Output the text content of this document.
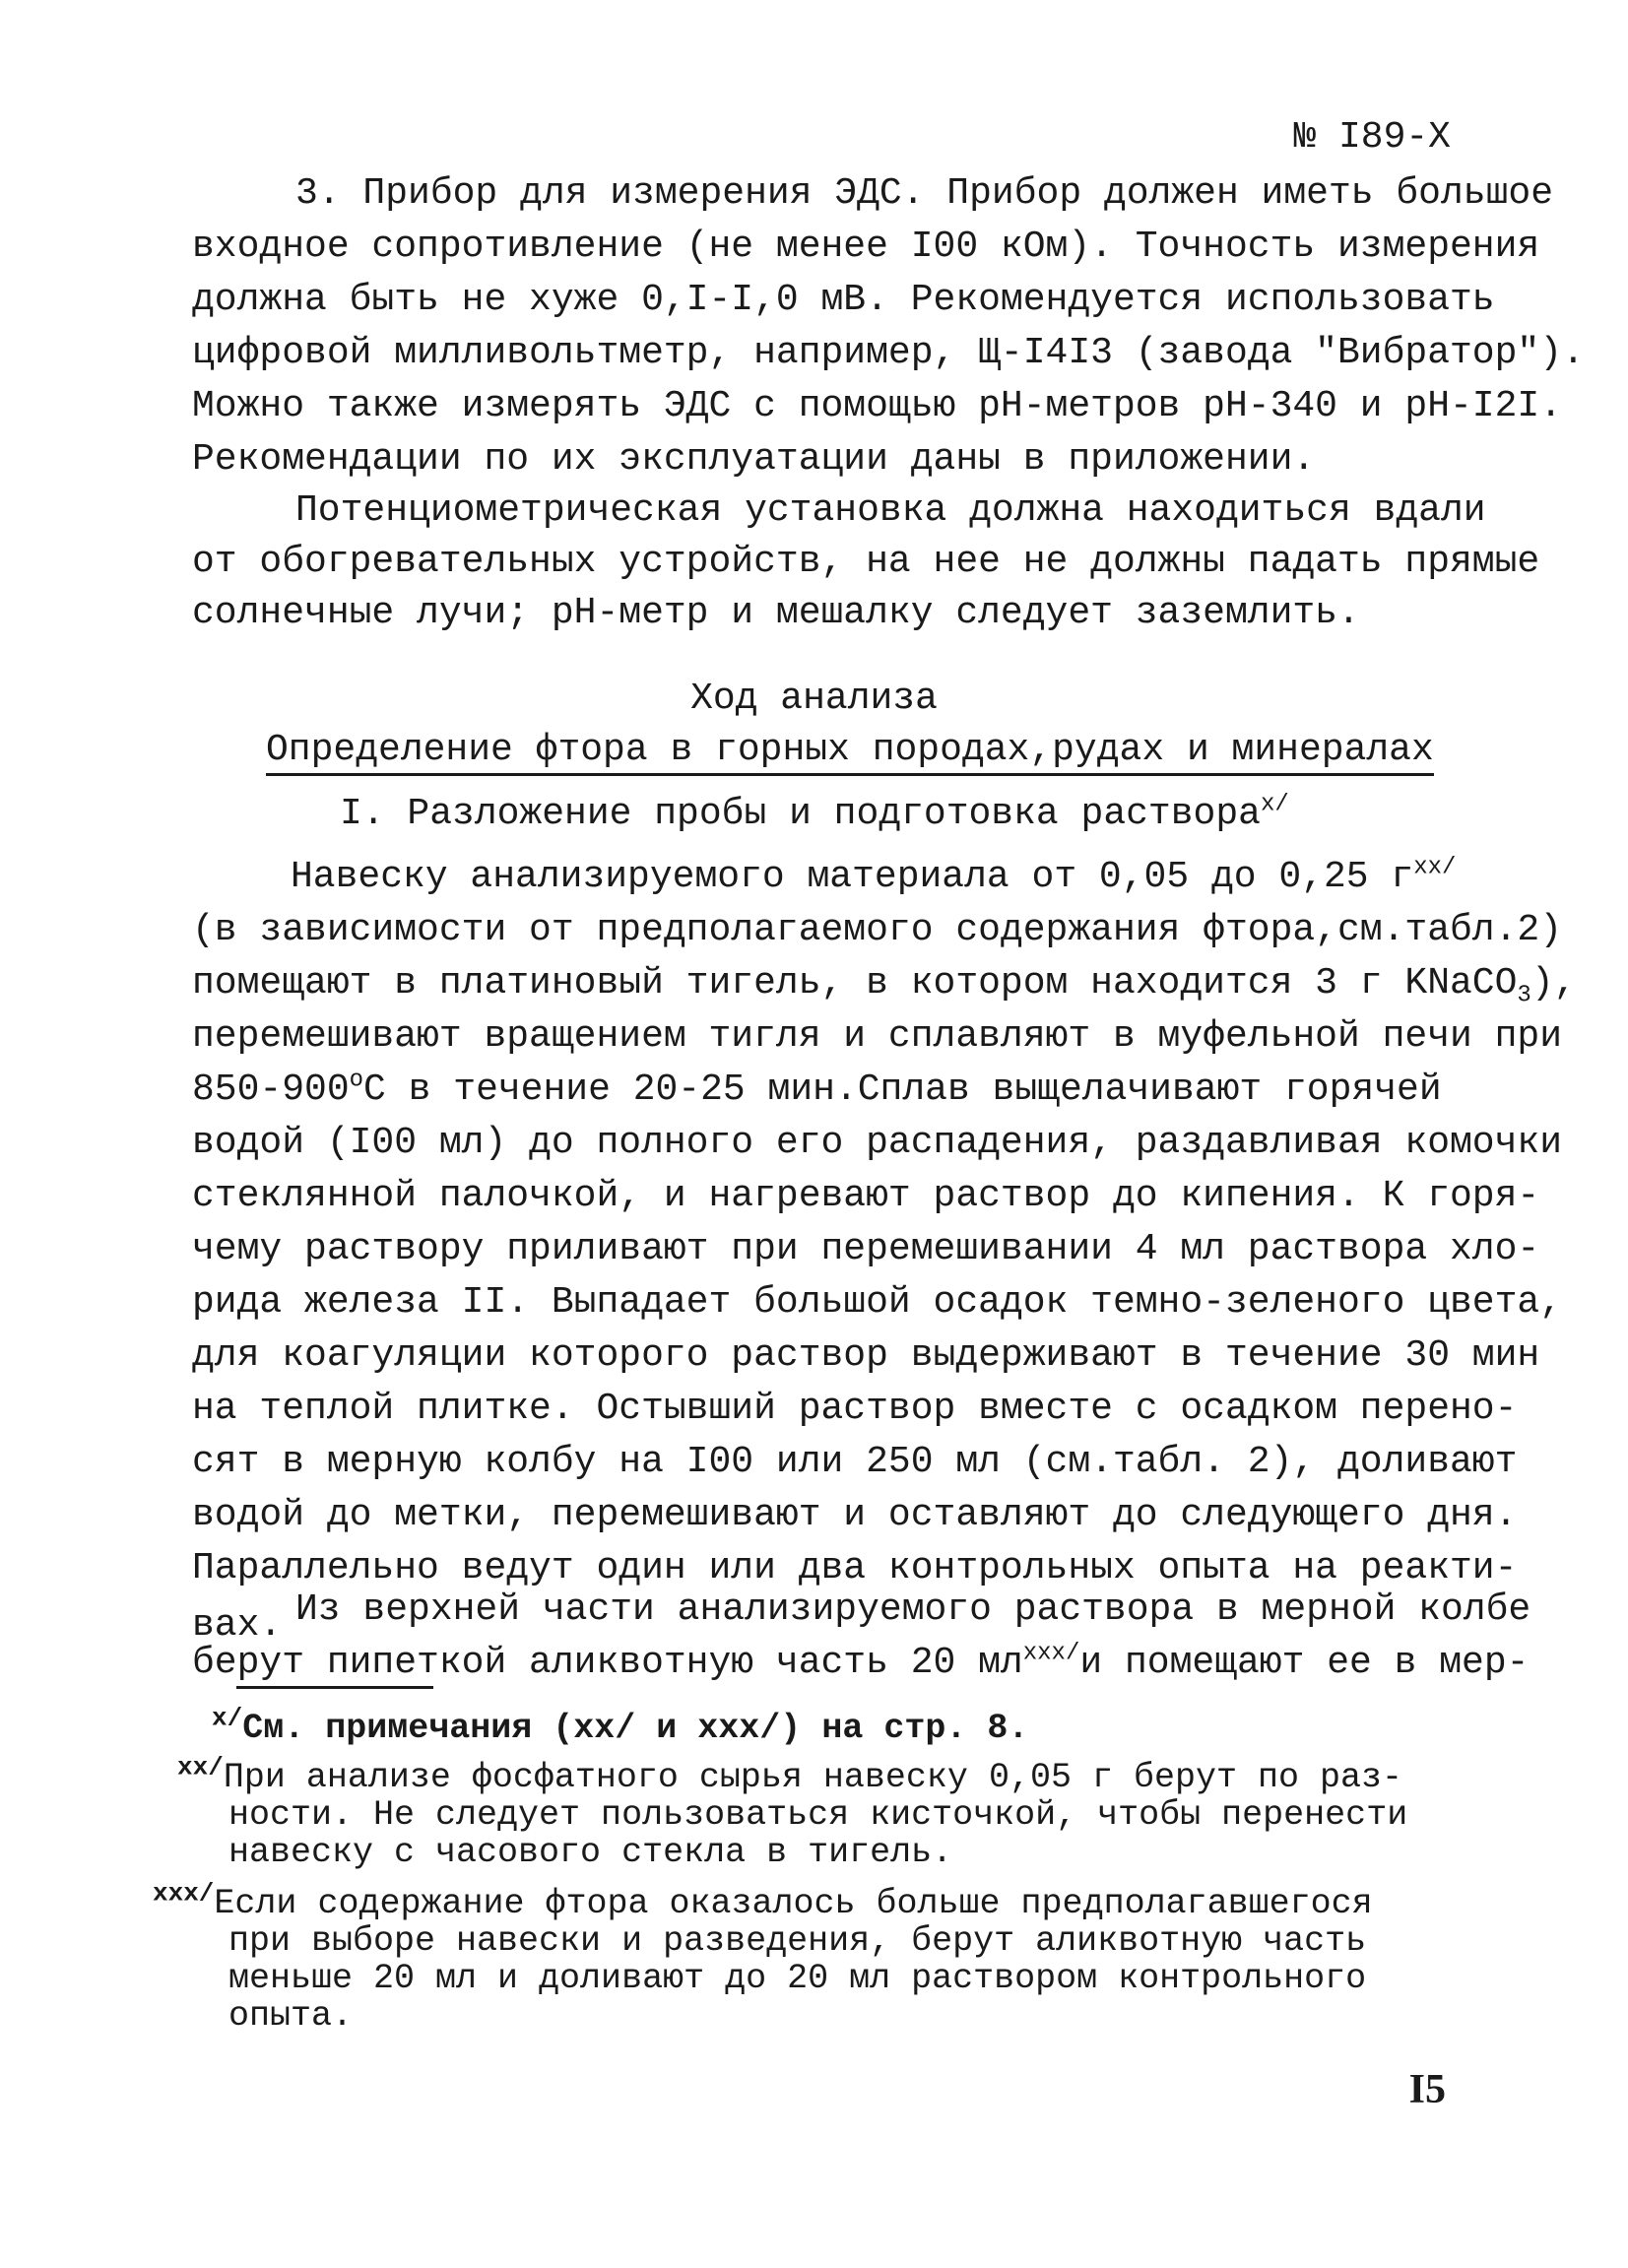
№ I89-X
3. Прибор для измерения ЭДС. Прибор должен иметь большое
входное сопротивление (не менее I00 кОм). Точность измерения
должна быть не хуже 0,I-I,0 мВ. Рекомендуется использовать
цифровой милливольтметр, например, Щ-I4I3 (завода "Вибратор").
Можно также измерять ЭДС с помощью рН-метров рН-340 и рН-I2I.
Рекомендации по их эксплуатации даны в приложении.
Потенциометрическая установка должна находиться вдали
от обогревательных устройств, на нее не должны падать прямые
солнечные лучи; рН-метр и мешалку следует заземлить.
Ход анализа
Определение фтора в горных породах,рудах и минералах
I. Разложение пробы и подготовка раствора$^{x/}$
Навеску анализируемого материала от 0,05 до 0,25 $г^{xx/}$
(в зависимости от предполагаемого содержания фтора,см.табл.2)
помещают в платиновый тигель, в котором находится 3 г KNaCO$_3$),
перемешивают вращением тигля и сплавляют в муфельной печи при
$850-900^оС$ в течение 20-25 мин.Сплав выщелачивают горячей
водой (I00 мл) до полного его распадения, раздавливая комочки
стеклянной палочкой, и нагревают раствор до кипения. К горя-
чему раствору приливают при перемешивании 4 мл раствора хло-
рида железа II. Выпадает большой осадок темно-зеленого цвета,
для коагуляции которого раствор выдерживают в течение 30 мин
на теплой плитке. Остывший раствор вместе с осадком перено-
сят в мерную колбу на I00 или 250 мл (см.табл. 2), доливают
водой до метки, перемешивают и оставляют до следующего дня.
Параллельно ведут один или два контрольных опыта на реакти-
вах. Из верхней части анализируемого раствора в мерной колбе
берут пипеткой аликвотную часть 20 $мл^{xxx/}и$ помещают ее в мер-
$^{x/}$См. примечания (xx/ и xxx/) на стр. 8.
$^{xx/}$При анализе фосфатного сырья навеску 0,05 г берут по раз-
ности. Не следует пользоваться кисточкой, чтобы перенести
навеску с часового стекла в тигель.
$^{xxx/}$Если содержание фтора оказалось больше предполагавшегося
при выборе навески и разведения, берут аликвотную часть
меньше 20 мл и доливают до 20 мл раствором контрольного
опыта.
I5
